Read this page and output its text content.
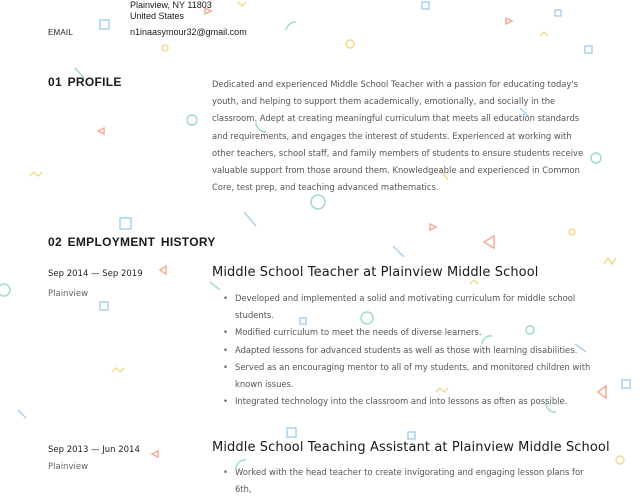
Plainview, NY 11803
United States
EMAIL	n1inaasymour32@gmail.com
01 PROFILE	Dedicated and experienced Middle School Teacher with a passion for educating today's youth, and helping to support them academically, emotionally, and socially in the classroom. Adept at creating meaningful curriculum that meets all education standards and requirements, and engages the interest of students. Experienced at working with other teachers, school staff, and family members of students to ensure students receive valuable support from those around them. Knowledgeable and experienced in Common Core, test prep, and teaching advanced mathematics.
02 EMPLOYMENT HISTORY
Sep 2014 — Sep 2019
Plainview
Middle School Teacher at Plainview Middle School
• Developed and implemented a solid and motivating curriculum for middle school students.
• Modified curriculum to meet the needs of diverse learners.
• Adapted lessons for advanced students as well as those with learning disabilities.
• Served as an encouraging mentor to all of my students, and monitored children with known issues.
• Integrated technology into the classroom and into lessons as often as possible.
Sep 2013 — Jun 2014
Plainview
Middle School Teaching Assistant at Plainview Middle School
• Worked with the head teacher to create invigorating and engaging lesson plans for 6th,
